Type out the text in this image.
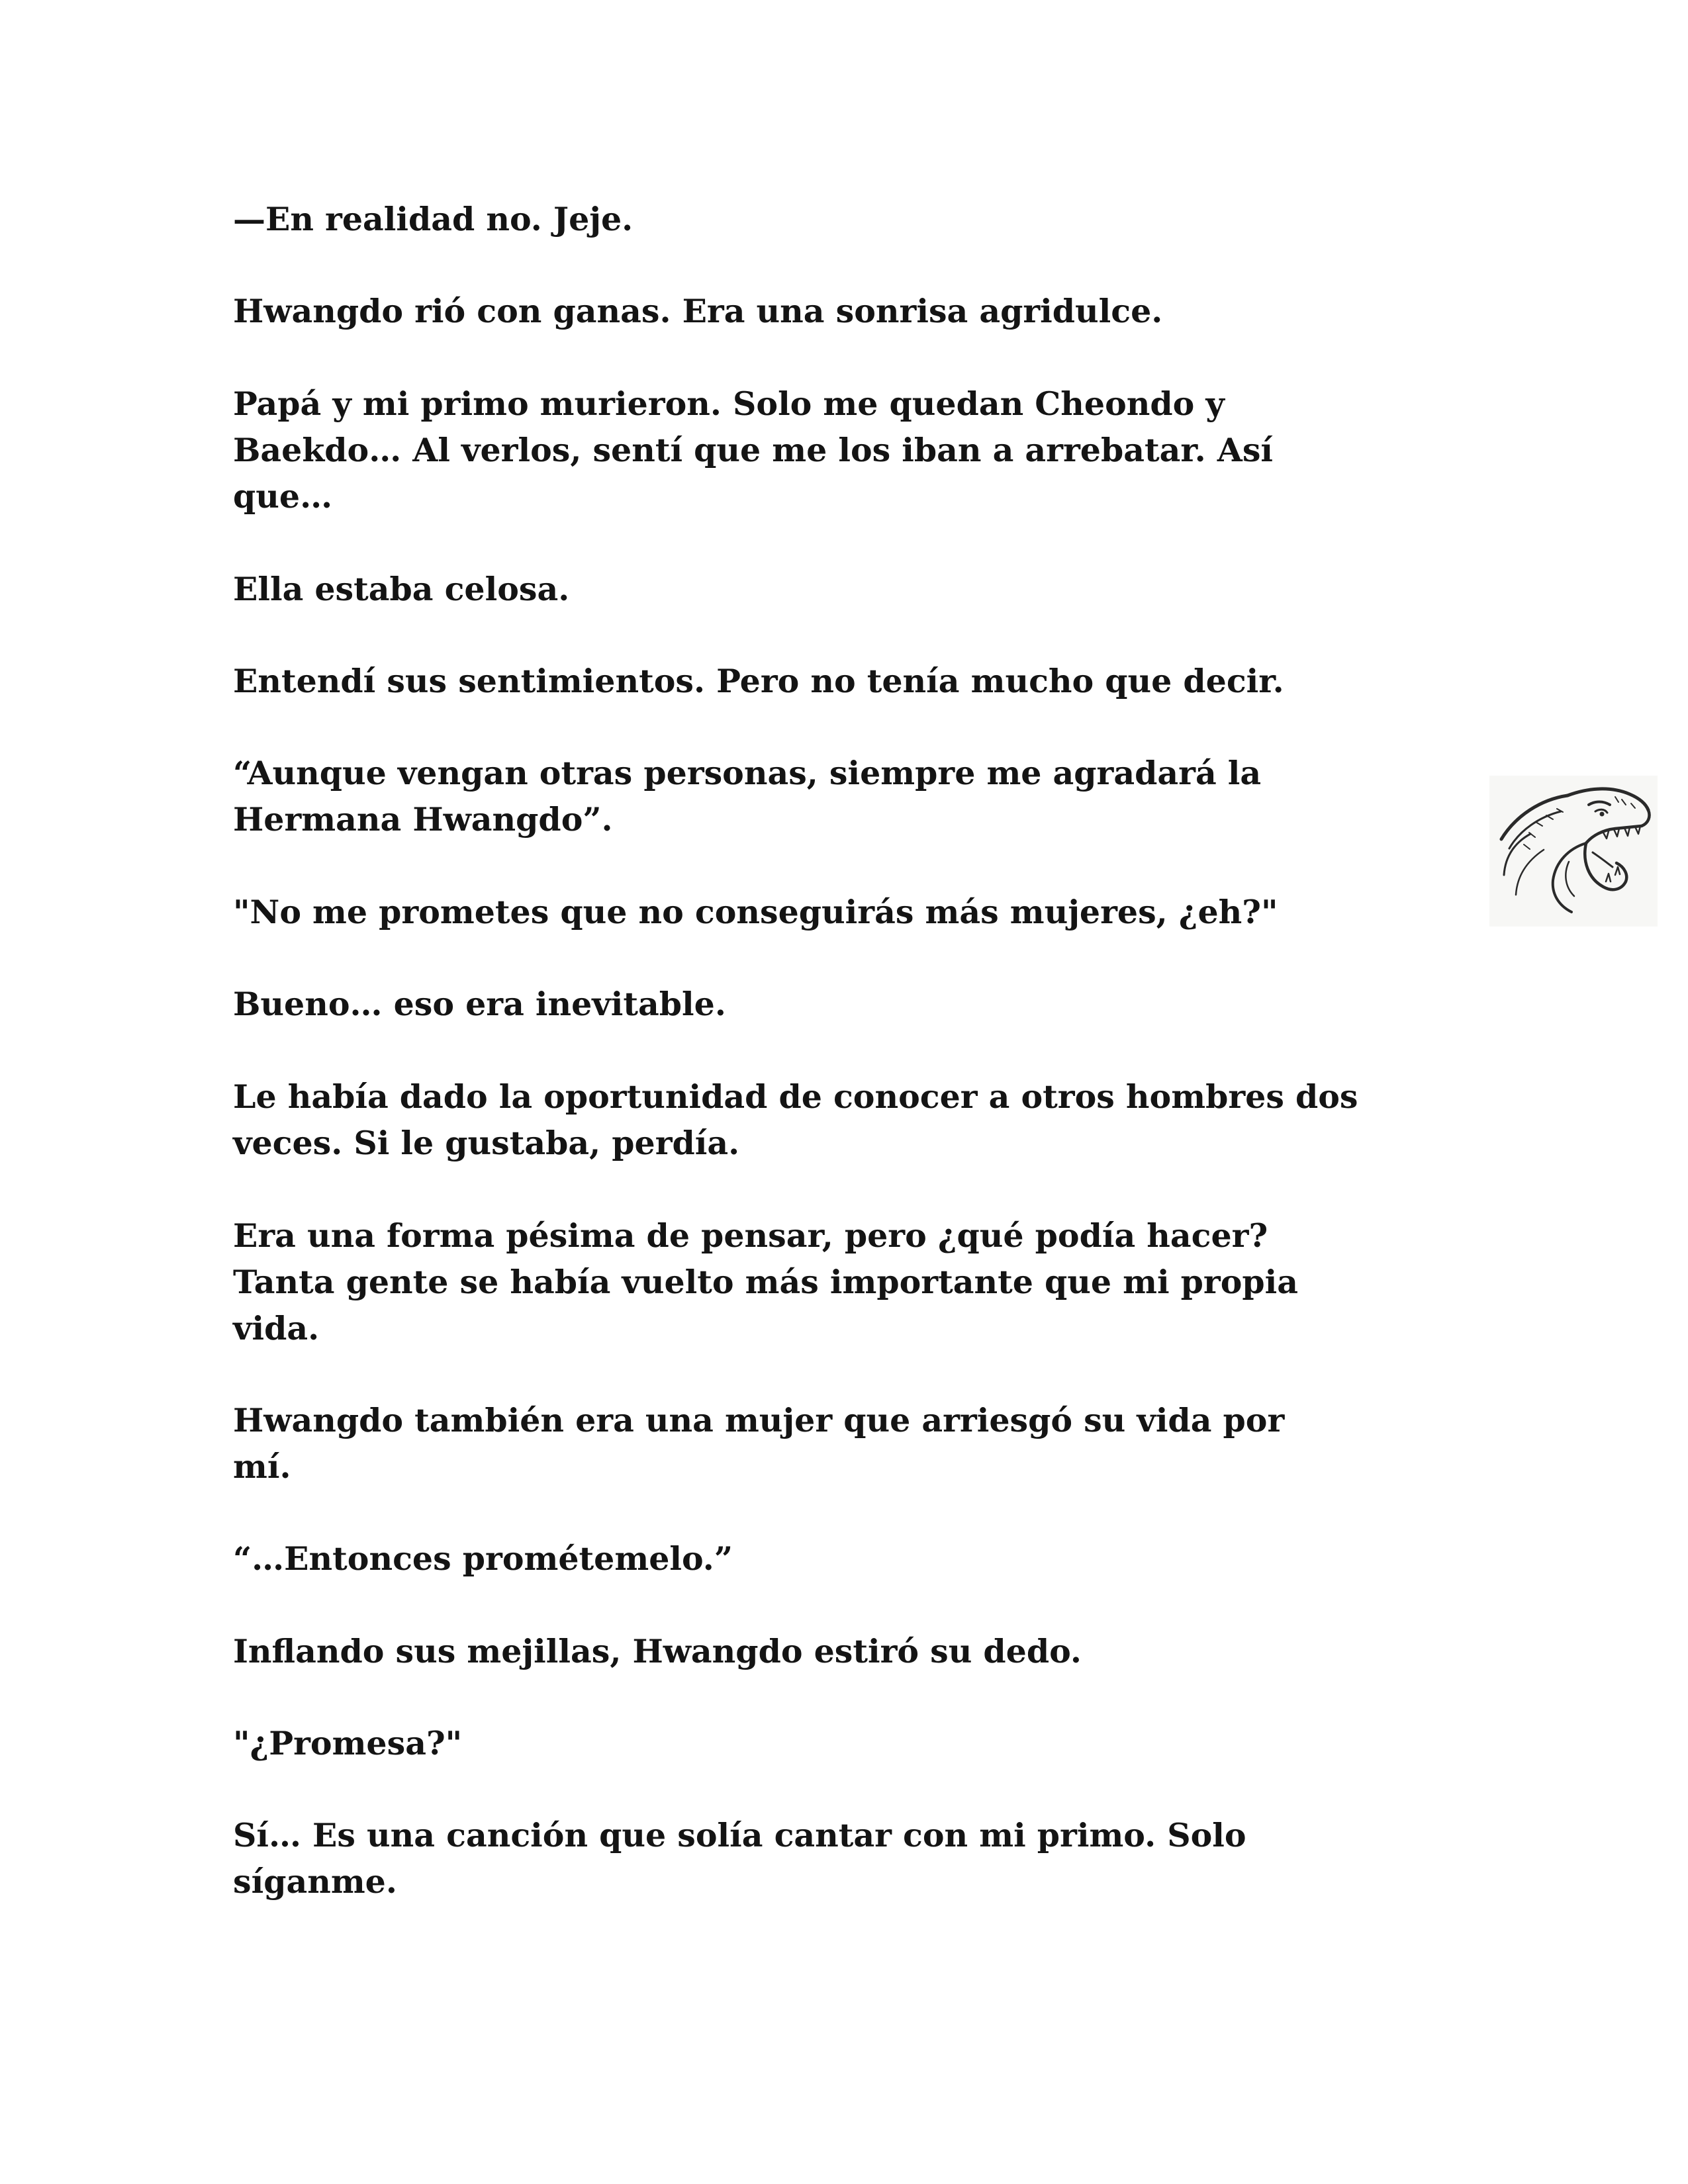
—En realidad no. Jeje.

Hwangdo rió con ganas. Era una sonrisa agridulce.

Papá y mi primo murieron. Solo me quedan Cheondo y
Baekdo… Al verlos, sentí que me los iban a arrebatar. Así
que…

Ella estaba celosa.

Entendí sus sentimientos. Pero no tenía mucho que decir.

“Aunque vengan otras personas, siempre me agradará la
Hermana Hwangdo”.

"No me prometes que no conseguirás más mujeres, ¿eh?"

Bueno… eso era inevitable.

Le había dado la oportunidad de conocer a otros hombres dos
veces. Si le gustaba, perdía.

Era una forma pésima de pensar, pero ¿qué podía hacer?
Tanta gente se había vuelto más importante que mi propia
vida.

Hwangdo también era una mujer que arriesgó su vida por
mí.

“…Entonces prométemelo.”

Inflando sus mejillas, Hwangdo estiró su dedo.

"¿Promesa?"

Sí… Es una canción que solía cantar con mi primo. Solo
síganme.
